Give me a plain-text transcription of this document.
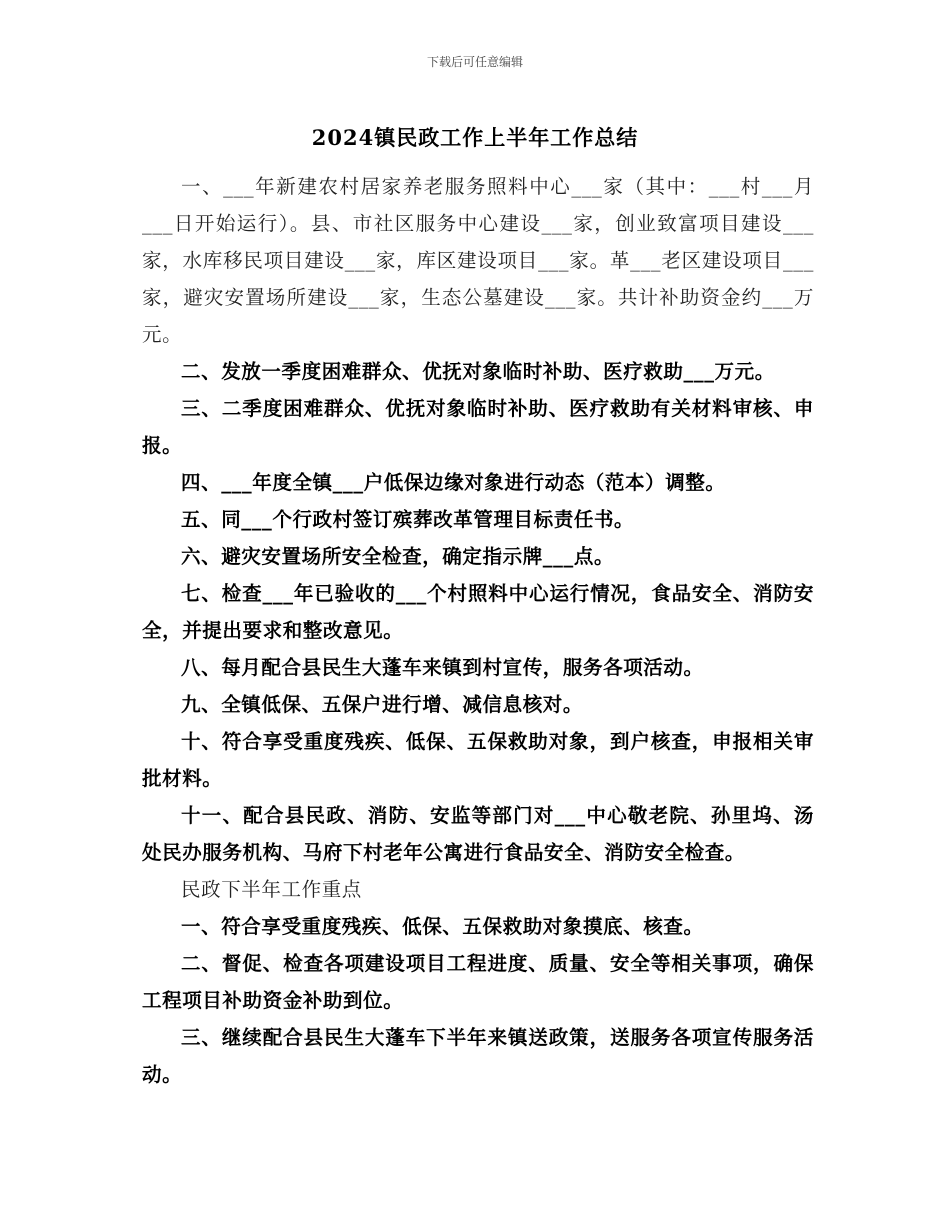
下载后可任意编辑
2024镇民政工作上半年工作总结

一、___年新建农村居家养老服务照料中心___家（其中：___村___月___日开始运行）。县、市社区服务中心建设___家，创业致富项目建设___家，水库移民项目建设___家，库区建设项目___家。革___老区建设项目___家，避灾安置场所建设___家，生态公墓建设___家。共计补助资金约___万元。

二、发放一季度困难群众、优抚对象临时补助、医疗救助___万元。

三、二季度困难群众、优抚对象临时补助、医疗救助有关材料审核、申报。

四、___年度全镇___户低保边缘对象进行动态（范本）调整。

五、同___个行政村签订殡葬改革管理目标责任书。

六、避灾安置场所安全检查，确定指示牌___点。

七、检查___年已验收的___个村照料中心运行情况，食品安全、消防安全，并提出要求和整改意见。

八、每月配合县民生大蓬车来镇到村宣传，服务各项活动。

九、全镇低保、五保户进行增、减信息核对。

十、符合享受重度残疾、低保、五保救助对象，到户核查，申报相关审批材料。

十一、配合县民政、消防、安监等部门对___中心敬老院、孙里坞、汤处民办服务机构、马府下村老年公寓进行食品安全、消防安全检查。

民政下半年工作重点

一、符合享受重度残疾、低保、五保救助对象摸底、核查。

二、督促、检查各项建设项目工程进度、质量、安全等相关事项，确保工程项目补助资金补助到位。

三、继续配合县民生大蓬车下半年来镇送政策，送服务各项宣传服务活动。
